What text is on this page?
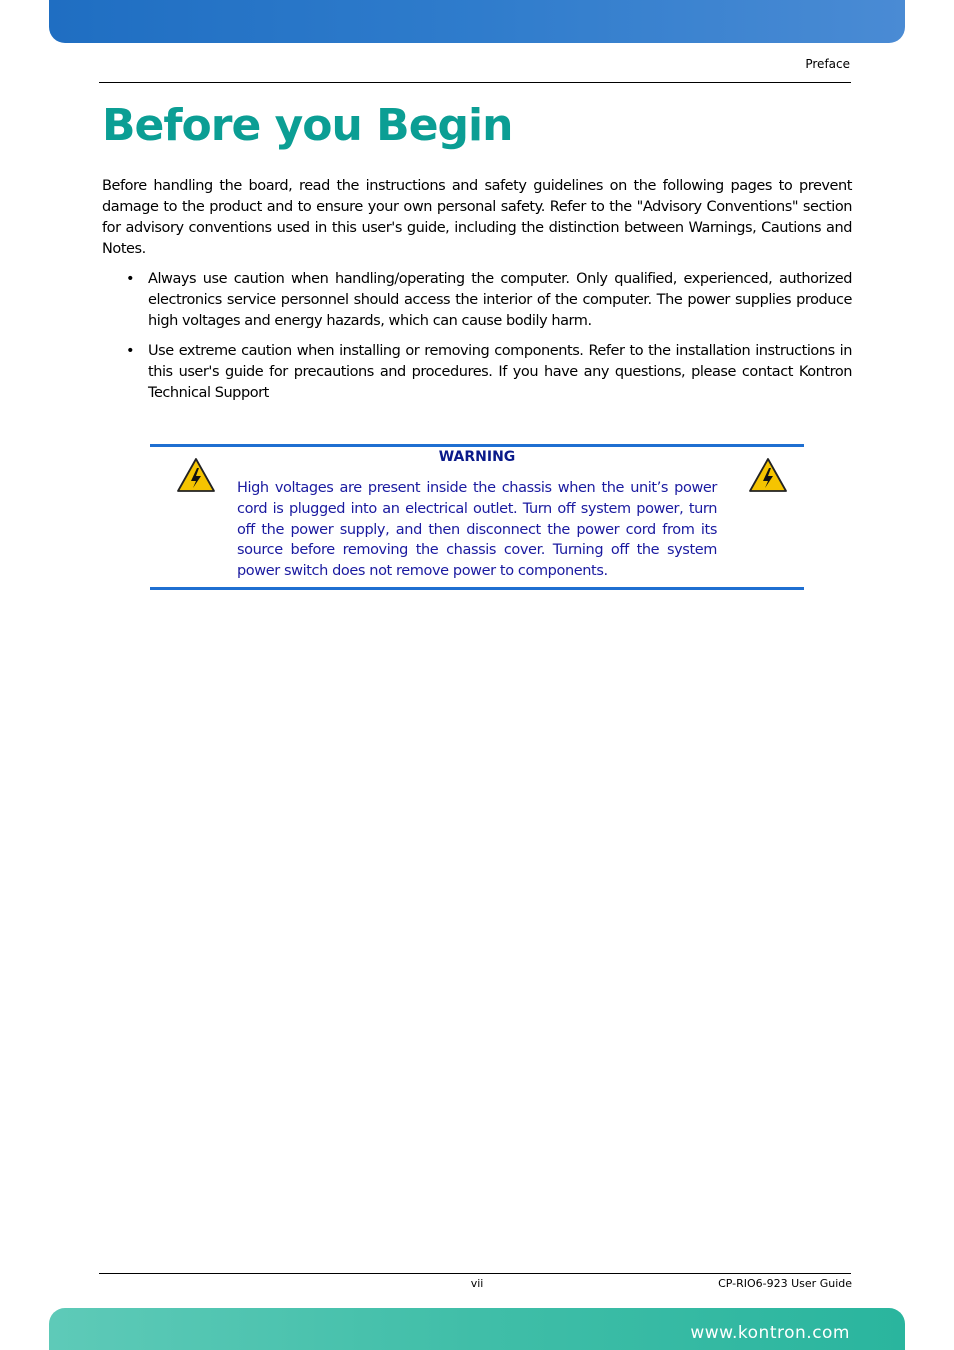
Preface
Before you Begin

Before handling the board, read the instructions and safety guidelines on the following pages to prevent damage to the product and to ensure your own personal safety. Refer to the "Advisory Conventions" section for advisory conventions used in this user's guide, including the distinction between Warnings, Cautions and Notes.

• Always use caution when handling/operating the computer. Only qualified, experienced, authorized electronics service personnel should access the interior of the computer. The power supplies produce high voltages and energy hazards, which can cause bodily harm.
• Use extreme caution when installing or removing components. Refer to the installation instructions in this user's guide for precautions and procedures. If you have any questions, please contact Kontron Technical Support
WARNING

High voltages are present inside the chassis when the unit’s power cord is plugged into an electrical outlet. Turn off system power, turn off the power supply, and then disconnect the power cord from its source before removing the chassis cover. Turning off the system power switch does not remove power to components.

vii	CP-RIO6-923 User Guide
www.kontron.com
